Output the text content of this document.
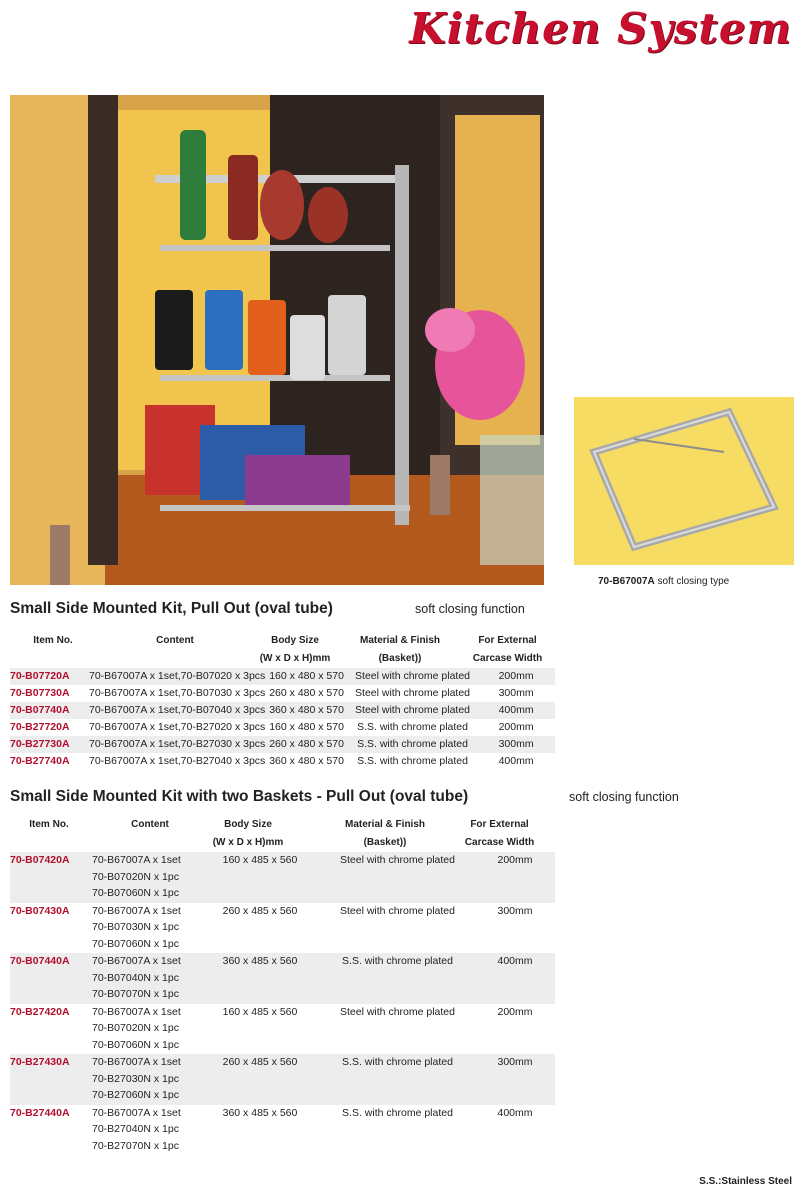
Kitchen System
70-B67007A soft closing type
Small Side Mounted Kit, Pull Out (oval tube)	soft closing function
Item No.	Content	Body Size
(W x D x H)mm
Material & Finish
(Basket))
For External
Carcase Width
70-B07720A	70-B67007A x 1set,70-B07020 x 3pcs	160 x 480 x 570	Steel with chrome plated	200mm
70-B07730A	70-B67007A x 1set,70-B07030 x 3pcs	260 x 480 x 570	Steel with chrome plated	300mm
70-B07740A	70-B67007A x 1set,70-B07040 x 3pcs	360 x 480 x 570	Steel with chrome plated	400mm
70-B27720A	70-B67007A x 1set,70-B27020 x 3pcs	160 x 480 x 570	S.S. with chrome plated	200mm
70-B27730A	70-B67007A x 1set,70-B27030 x 3pcs	260 x 480 x 570	S.S. with chrome plated	300mm
70-B27740A	70-B67007A x 1set,70-B27040 x 3pcs	360 x 480 x 570	S.S. with chrome plated	400mm
Small Side Mounted Kit with two Baskets - Pull Out (oval tube)	soft closing function
Item No.	Content	Body Size
(W x D x H)mm
Material & Finish
(Basket))
For External
Carcase Width
70-B07420A	70-B67007A x 1set
70-B07020N x 1pc
70-B07060N x 1pc	160 x 485 x 560	Steel with chrome plated	200mm
70-B07430A	70-B67007A x 1set
70-B07030N x 1pc
70-B07060N x 1pc	260 x 485 x 560	Steel with chrome plated	300mm
70-B07440A	70-B67007A x 1set
70-B07040N x 1pc
70-B07070N x 1pc	360 x 485 x 560	S.S. with chrome plated	400mm
70-B27420A	70-B67007A x 1set
70-B07020N x 1pc
70-B07060N x 1pc	160 x 485 x 560	Steel with chrome plated	200mm
70-B27430A	70-B67007A x 1set
70-B27030N x 1pc
70-B27060N x 1pc	260 x 485 x 560	S.S. with chrome plated	300mm
70-B27440A	70-B67007A x 1set
70-B27040N x 1pc
70-B27070N x 1pc	360 x 485 x 560	S.S. with chrome plated	400mm
S.S.:Stainless Steel
